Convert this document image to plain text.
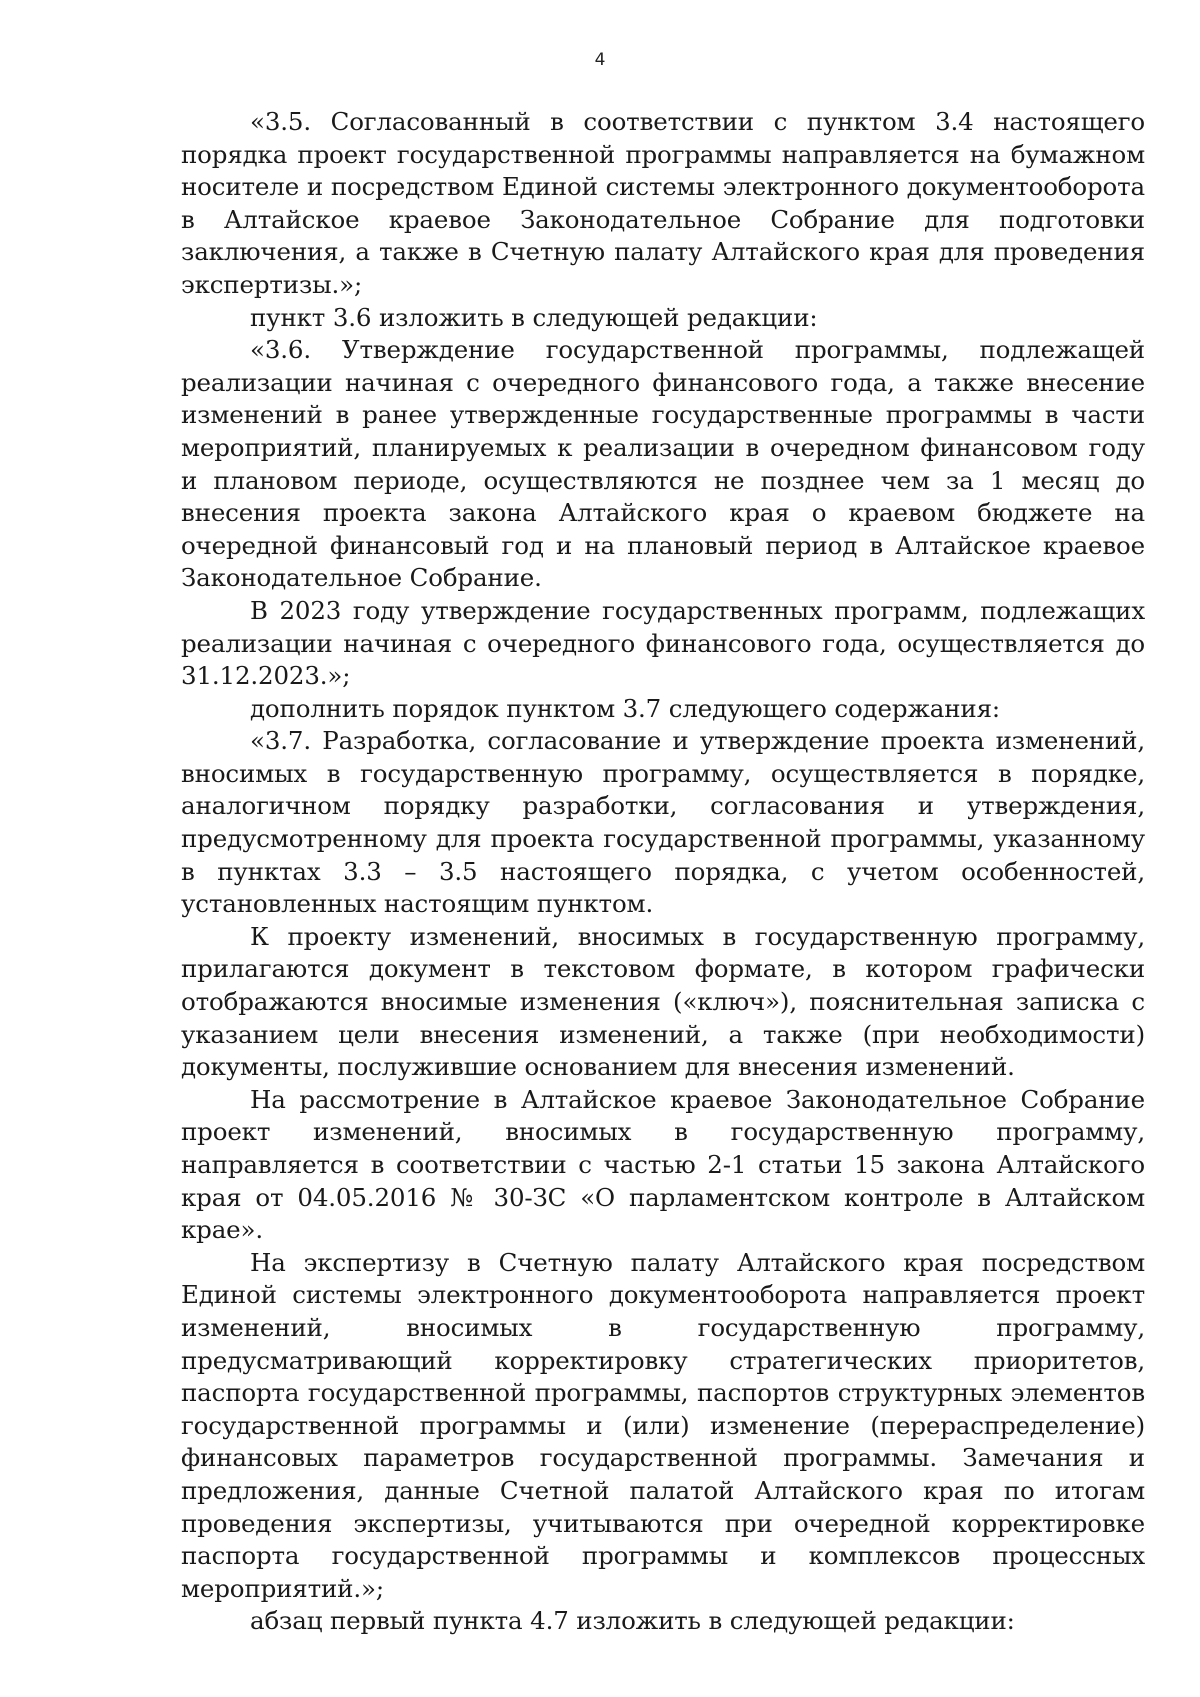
4

«3.5. Согласованный в соответствии с пунктом 3.4 настоящего порядка проект государственной программы направляется на бумажном носителе и посредством Единой системы электронного документооборота в Алтайское краевое Законодательное Собрание для подготовки заключения, а также в Счетную палату Алтайского края для проведения экспертизы.»;

пункт 3.6 изложить в следующей редакции:

«3.6. Утверждение государственной программы, подлежащей реализации начиная с очередного финансового года, а также внесение изменений в ранее утвержденные государственные программы в части мероприятий, планируемых к реализации в очередном финансовом году и плановом периоде, осуществляются не позднее чем за 1 месяц до внесения проекта закона Алтайского края о краевом бюджете на очередной финансовый год и на плановый период в Алтайское краевое Законодательное Собрание.

В 2023 году утверждение государственных программ, подлежащих реализации начиная с очередного финансового года, осуществляется до 31.12.2023.»;

дополнить порядок пунктом 3.7 следующего содержания:

«3.7. Разработка, согласование и утверждение проекта изменений, вносимых в государственную программу, осуществляется в порядке, аналогичном порядку разработки, согласования и утверждения, предусмотренному для проекта государственной программы, указанному в пунктах 3.3 – 3.5 настоящего порядка, с учетом особенностей, установленных настоящим пунктом.

К проекту изменений, вносимых в государственную программу, прилагаются документ в текстовом формате, в котором графически отображаются вносимые изменения («ключ»), пояснительная записка с указанием цели внесения изменений, а также (при необходимости) документы, послужившие основанием для внесения изменений.

На рассмотрение в Алтайское краевое Законодательное Собрание проект изменений, вносимых в государственную программу, направляется в соответствии с частью 2-1 статьи 15 закона Алтайского края от 04.05.2016 № 30-ЗС «О парламентском контроле в Алтайском крае».

На экспертизу в Счетную палату Алтайского края посредством Единой системы электронного документооборота направляется проект изменений, вносимых в государственную программу, предусматривающий корректировку стратегических приоритетов, паспорта государственной программы, паспортов структурных элементов государственной программы и (или) изменение (перераспределение) финансовых параметров государственной программы. Замечания и предложения, данные Счетной палатой Алтайского края по итогам проведения экспертизы, учитываются при очередной корректировке паспорта государственной программы и комплексов процессных мероприятий.»;

абзац первый пункта 4.7 изложить в следующей редакции:
